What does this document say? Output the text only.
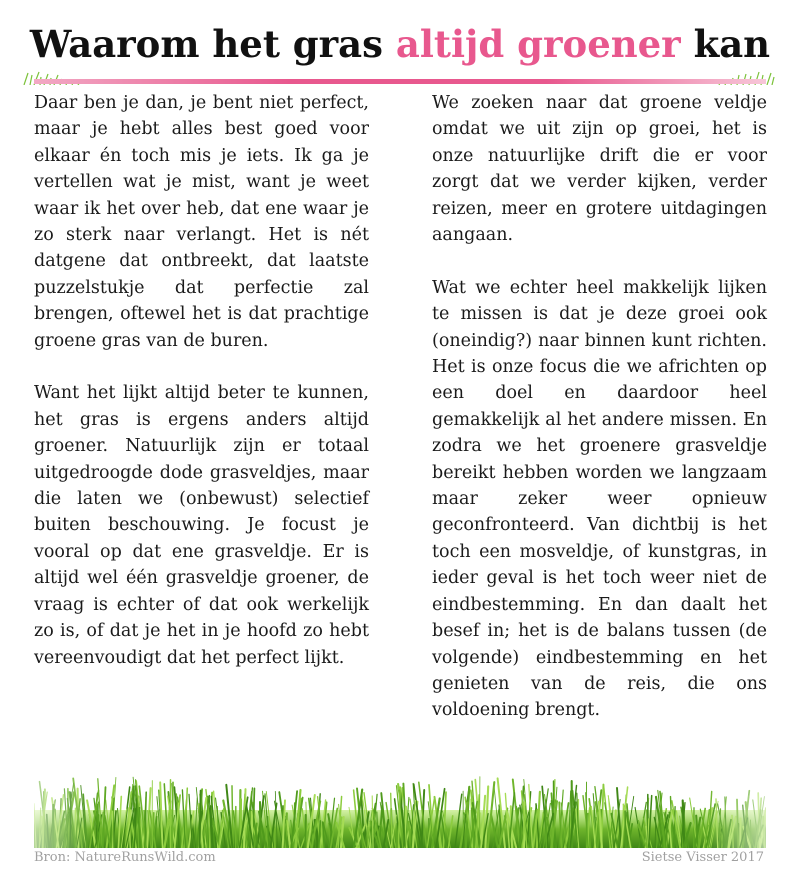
Waarom het gras altijd groener kan

Daar ben je dan, je bent niet perfect, maar je hebt alles best goed voor elkaar én toch mis je iets. Ik ga je vertellen wat je mist, want je weet waar ik het over heb, dat ene waar je zo sterk naar verlangt. Het is nét datgene dat ontbreekt, dat laatste puzzelstukje dat perfectie zal brengen, oftewel het is dat prachtige groene gras van de buren.

Want het lijkt altijd beter te kunnen, het gras is ergens anders altijd groener. Natuurlijk zijn er totaal uitgedroogde dode grasveldjes, maar die laten we (onbewust) selectief buiten beschouwing. Je focust je vooral op dat ene grasveldje. Er is altijd wel één grasveldje groener, de vraag is echter of dat ook werkelijk zo is, of dat je het in je hoofd zo hebt vereenvoudigt dat het perfect lijkt.

We zoeken naar dat groene veldje omdat we uit zijn op groei, het is onze natuurlijke drift die er voor zorgt dat we verder kijken, verder reizen, meer en grotere uitdagingen aangaan.

Wat we echter heel makkelijk lijken te missen is dat je deze groei ook (oneindig?) naar binnen kunt richten. Het is onze focus die we africhten op een doel en daardoor heel gemakkelijk al het andere missen. En zodra we het groenere grasveldje bereikt hebben worden we langzaam maar zeker weer opnieuw geconfronteerd. Van dichtbij is het toch een mosveldje, of kunstgras, in ieder geval is het toch weer niet de eindbestemming. En dan daalt het besef in; het is de balans tussen (de volgende) eindbestemming en het genieten van de reis, die ons voldoening brengt.

Bron: NatureRunsWild.com	Sietse Visser 2017
